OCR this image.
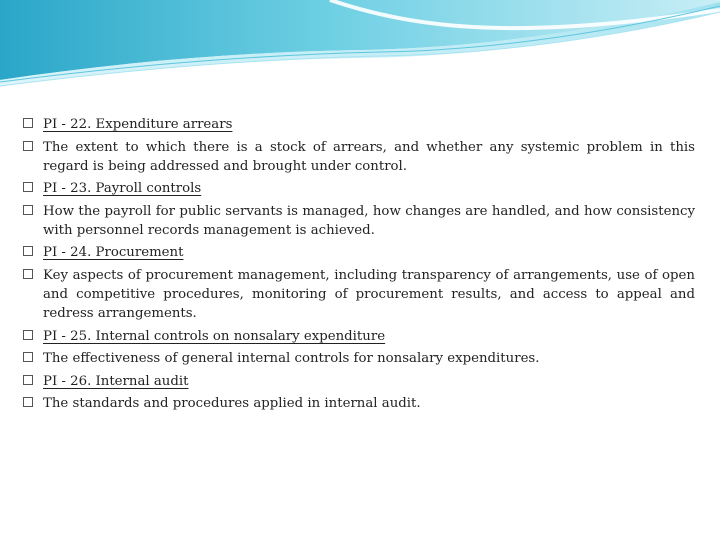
PI - 22. Expenditure arrears
The extent to which there is a stock of arrears, and whether any systemic problem in this regard is being addressed and brought under control.
PI - 23. Payroll controls
How the payroll for public servants is managed, how changes are handled, and how consistency with personnel records management is achieved.
PI - 24. Procurement
Key aspects of procurement management, including transparency of arrangements, use of open and competitive procedures, monitoring of procurement results, and access to appeal and redress arrangements.
PI - 25. Internal controls on nonsalary expenditure
The effectiveness of general internal controls for nonsalary expenditures.
PI - 26. Internal audit
The standards and procedures applied in internal audit.
